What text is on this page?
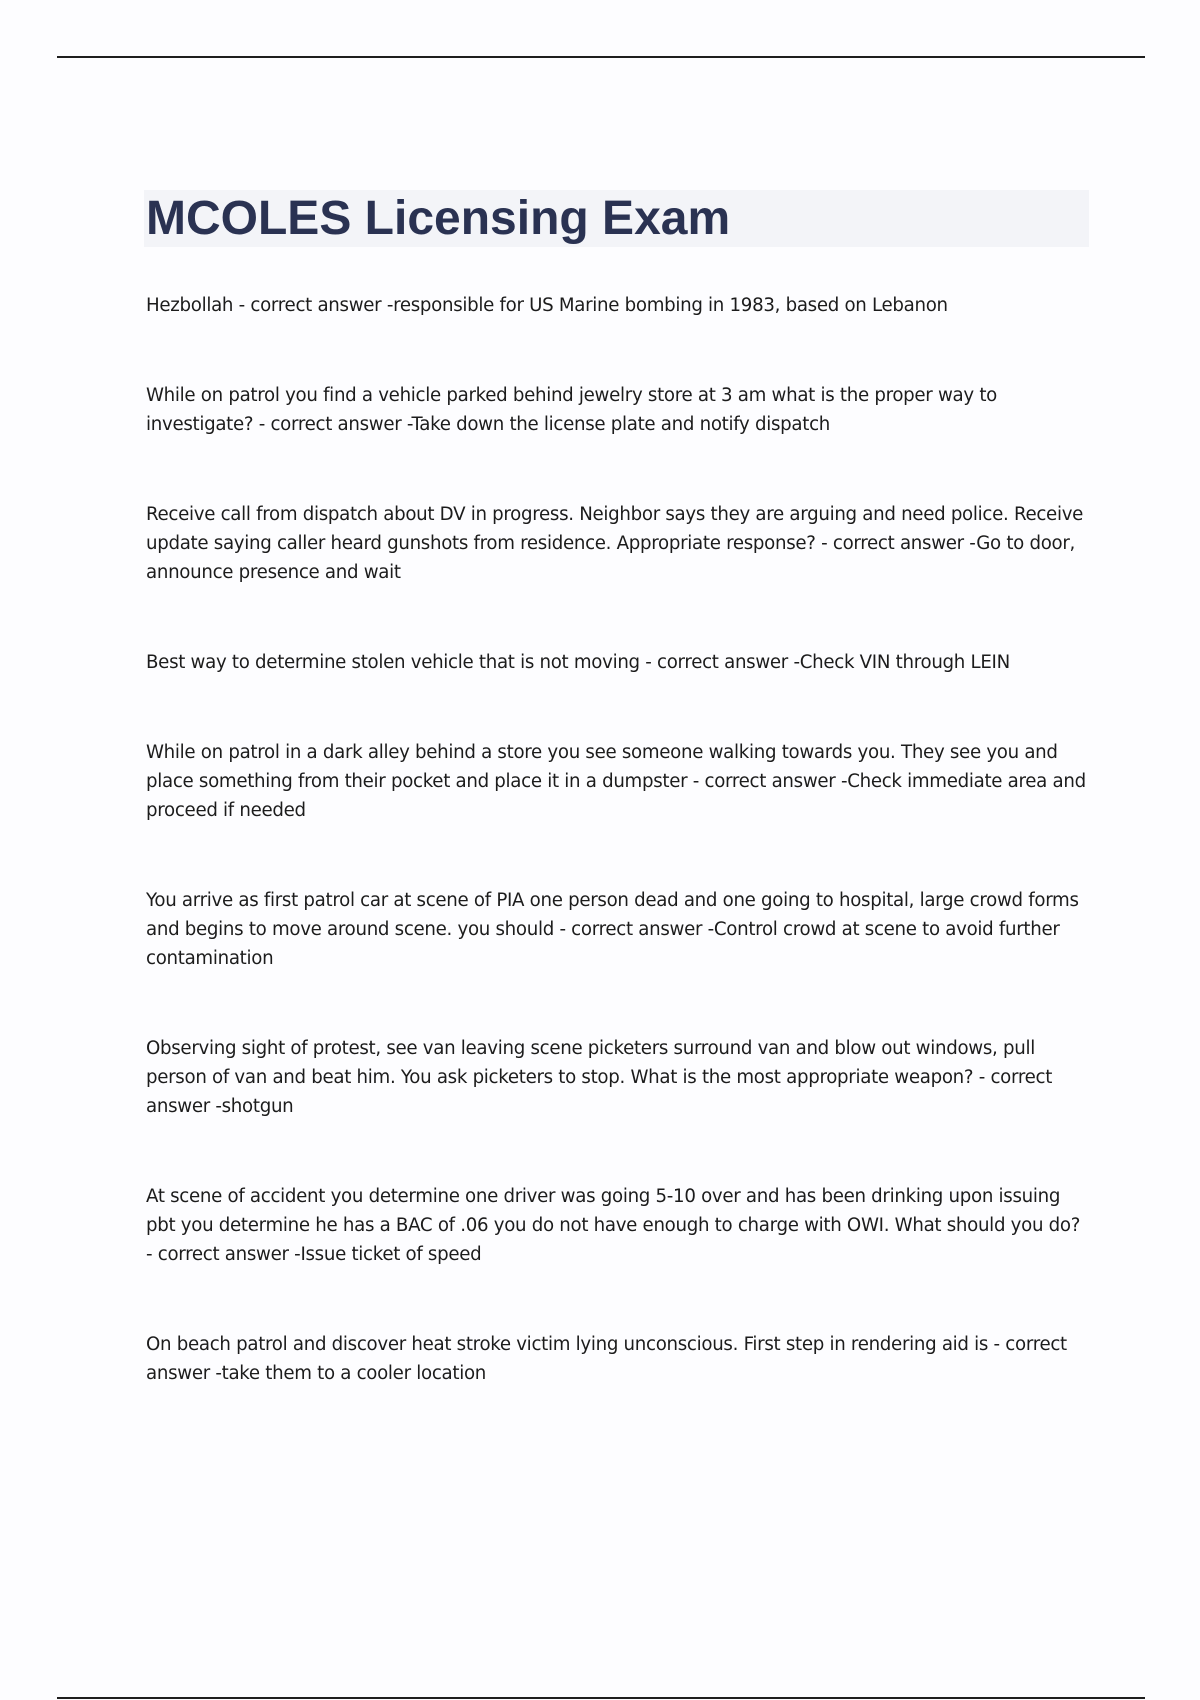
MCOLES Licensing Exam
Hezbollah - correct answer -responsible for US Marine bombing in 1983, based on Lebanon
While on patrol you find a vehicle parked behind jewelry store at 3 am what is the proper way to investigate? - correct answer -Take down the license plate and notify dispatch
Receive call from dispatch about DV in progress. Neighbor says they are arguing and need police. Receive update saying caller heard gunshots from residence. Appropriate response? - correct answer -Go to door, announce presence and wait
Best way to determine stolen vehicle that is not moving - correct answer -Check VIN through LEIN
While on patrol in a dark alley behind a store you see someone walking towards you. They see you and place something from their pocket and place it in a dumpster - correct answer -Check immediate area and proceed if needed
You arrive as first patrol car at scene of PIA one person dead and one going to hospital, large crowd forms and begins to move around scene. you should - correct answer -Control crowd at scene to avoid further contamination
Observing sight of protest, see van leaving scene picketers surround van and blow out windows, pull person of van and beat him. You ask picketers to stop. What is the most appropriate weapon? - correct answer -shotgun
At scene of accident you determine one driver was going 5-10 over and has been drinking upon issuing pbt you determine he has a BAC of .06 you do not have enough to charge with OWI. What should you do? - correct answer -Issue ticket of speed
On beach patrol and discover heat stroke victim lying unconscious. First step in rendering aid is - correct answer -take them to a cooler location
